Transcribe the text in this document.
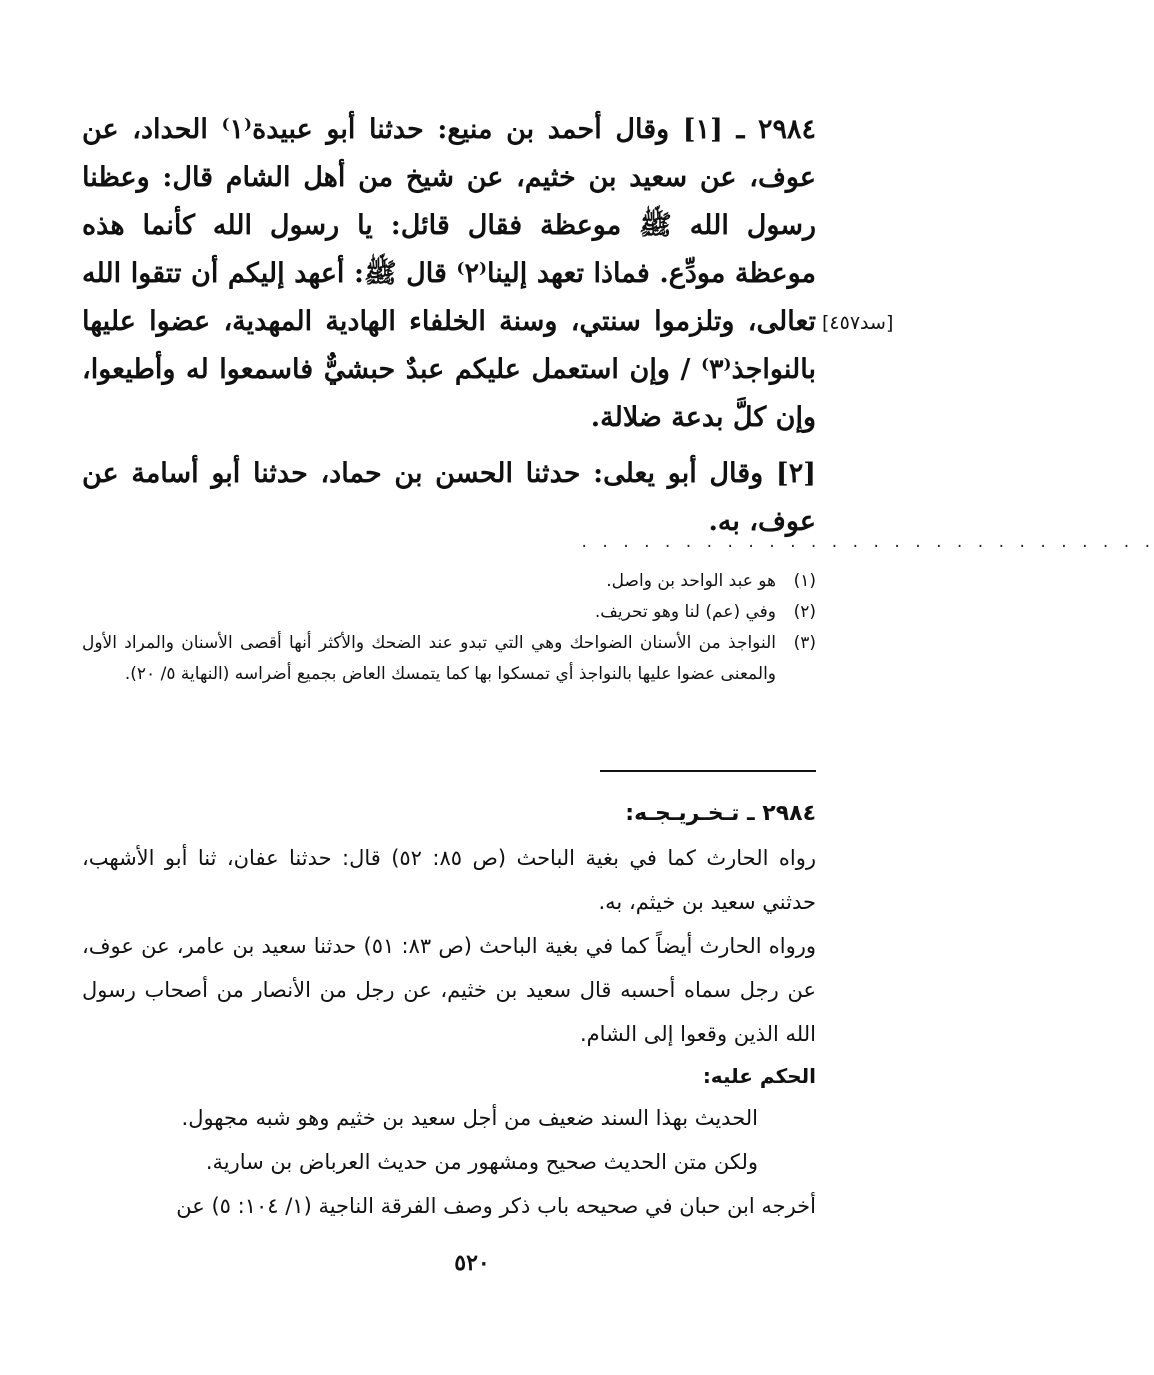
٢٩٨٤ ـ [١] وقال أحمد بن منيع: حدثنا أبو عبيدة⁽١⁾ الحداد، عن عوف، عن سعيد بن خثيم، عن شيخ من أهل الشام قال: وعظنا رسول الله ﷺ موعظة فقال قائل: يا رسول الله كأنما هذه موعظة مودِّع. فماذا تعهد إلينا⁽٢⁾ قال ﷺ: أعهد إليكم أن تتقوا الله تعالى، وتلزموا سنتي، وسنة الخلفاء الهادية المهدية، عضوا عليها بالنواجذ⁽٣⁾ / وإن استعمل عليكم عبدٌ حبشيٌّ فاسمعوا له وأطيعوا، وإن كلَّ بدعة ضلالة.

[٢] وقال أبو يعلى: حدثنا الحسن بن حماد، حدثنا أبو أسامة عن عوف، به.

[سد٤٥٧]
. . . . . . . . . . . . . . . . . . . . . . . . . . . .
(١)
هو عبد الواحد بن واصل.
(٢)
وفي (عم) لنا وهو تحريف.
(٣)
النواجذ من الأسنان الضواحك وهي التي تبدو عند الضحك والأكثر أنها أقصى الأسنان والمراد الأول والمعنى عضوا عليها بالنواجذ أي تمسكوا بها كما يتمسك العاض بجميع أضراسه (النهاية ٥/ ٢٠).

٢٩٨٤ ـ تـخـريـجـه:

رواه الحارث كما في بغية الباحث (ص ٨٥: ٥٢) قال: حدثنا عفان، ثنا أبو الأشهب، حدثني سعيد بن خيثم، به.

ورواه الحارث أيضاً كما في بغية الباحث (ص ٨٣: ٥١) حدثنا سعيد بن عامر، عن عوف، عن رجل سماه أحسبه قال سعيد بن خثيم، عن رجل من الأنصار من أصحاب رسول الله الذين وقعوا إلى الشام.

الحكم عليه:

الحديث بهذا السند ضعيف من أجل سعيد بن خثيم وهو شبه مجهول.

ولكن متن الحديث صحيح ومشهور من حديث العرباض بن سارية.

أخرجه ابن حبان في صحيحه باب ذكر وصف الفرقة الناجية (١/ ١٠٤: ٥) عن

٥٢٠
